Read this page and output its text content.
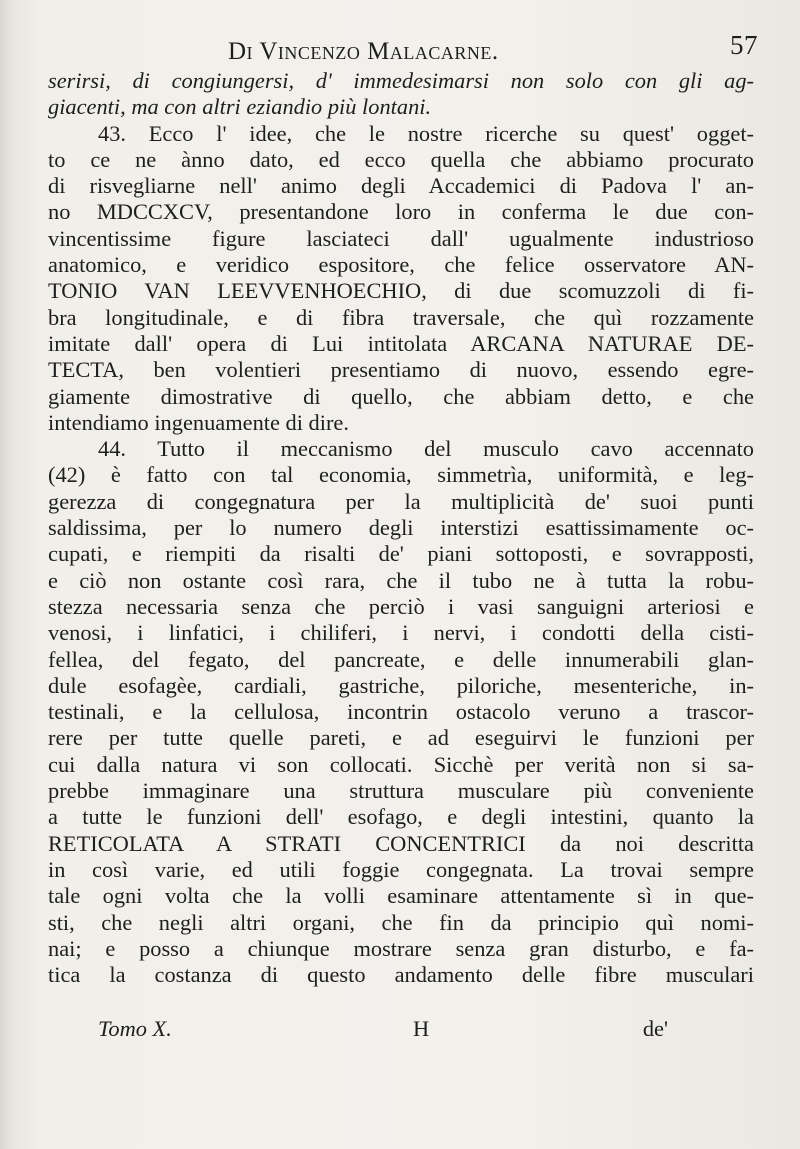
Di Vincenzo Malacarne.	57
serirsi, di congiungersi, d' immedesimarsi non solo con gli ag-
giacenti, ma con altri eziandio più lontani.
43. Ecco l' idee, che le nostre ricerche su quest' ogget-
to ce ne ànno dato, ed ecco quella che abbiamo procurato
di risvegliarne nell' animo degli Accademici di Padova l' an-
no MDCCXCV, presentandone loro in conferma le due con-
vincentissime figure lasciateci dall' ugualmente industrioso
anatomico, e veridico espositore, che felice osservatore AN-
TONIO VAN LEEVVENHOECHIO, di due scomuzzoli di fi-
bra longitudinale, e di fibra traversale, che quì rozzamente
imitate dall' opera di Lui intitolata ARCANA NATURAE DE-
TECTA, ben volentieri presentiamo di nuovo, essendo egre-
giamente dimostrative di quello, che abbiam detto, e che
intendiamo ingenuamente di dire.
44. Tutto il meccanismo del musculo cavo accennato
(42) è fatto con tal economia, simmetrìa, uniformità, e leg-
gerezza di congegnatura per la multiplicità de' suoi punti
saldissima, per lo numero degli interstizi esattissimamente oc-
cupati, e riempiti da risalti de' piani sottoposti, e sovrapposti,
e ciò non ostante così rara, che il tubo ne à tutta la robu-
stezza necessaria senza che perciò i vasi sanguigni arteriosi e
venosi, i linfatici, i chiliferi, i nervi, i condotti della cisti-
fellea, del fegato, del pancreate, e delle innumerabili glan-
dule esofagèe, cardiali, gastriche, piloriche, mesenteriche, in-
testinali, e la cellulosa, incontrin ostacolo veruno a trascor-
rere per tutte quelle pareti, e ad eseguirvi le funzioni per
cui dalla natura vi son collocati. Sicchè per verità non si sa-
prebbe immaginare una struttura musculare più conveniente
a tutte le funzioni dell' esofago, e degli intestini, quanto la
RETICOLATA A STRATI CONCENTRICI da noi descritta
in così varie, ed utili foggie congegnata. La trovai sempre
tale ogni volta che la volli esaminare attentamente sì in que-
sti, che negli altri organi, che fin da principio quì nomi-
nai; e posso a chiunque mostrare senza gran disturbo, e fa-
tica la costanza di questo andamento delle fibre musculari
Tomo X.	H	de'
